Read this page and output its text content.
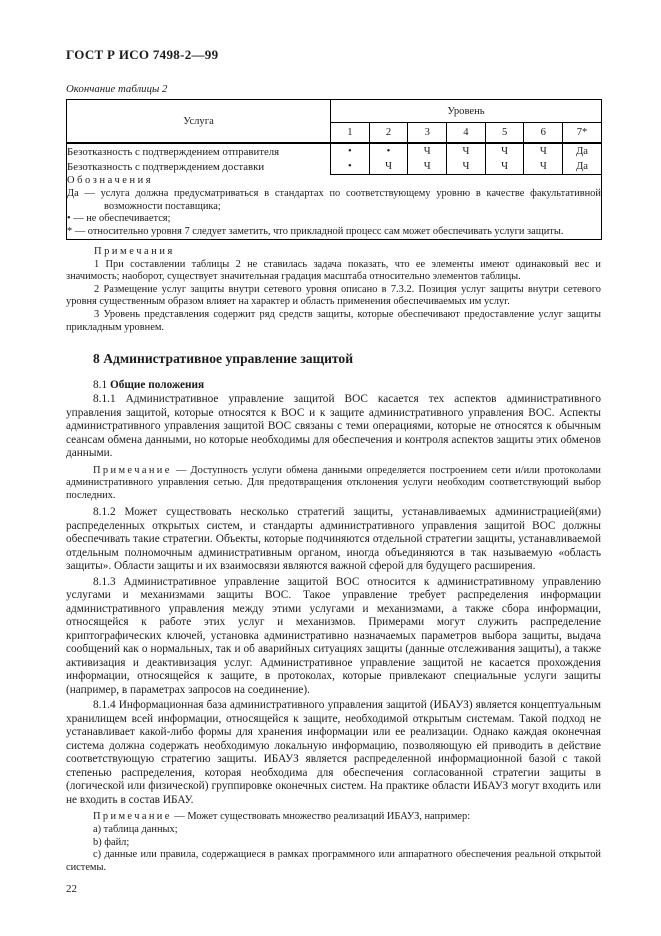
ГОСТ Р ИСО 7498-2—99
Окончание таблицы 2
Услуга	Уровень						
	1	2	3	4	5	6	7*
Безотказность с подтверждением отправителя	•	•	Ч	Ч	Ч	Ч	Да
Безотказность с подтверждением доставки	•	Ч	Ч	Ч	Ч	Ч	Да

Обозначения
Да — услуга должна предусматриваться в стандартах по соответствующему уровню в качестве факультативной возможности поставщика;
• — не обеспечивается;
* — относительно уровня 7 следует заметить, что прикладной процесс сам может обеспечивать услуги защиты.							
Примечания

1 При составлении таблицы 2 не ставилась задача показать, что ее элементы имеют одинаковый вес и значимость; наоборот, существует значительная градация масштаба относительно элементов таблицы.

2 Размещение услуг защиты внутри сетевого уровня описано в 7.3.2. Позиция услуг защиты внутри сетевого уровня существенным образом влияет на характер и область применения обеспечиваемых им услуг.

3 Уровень представления содержит ряд средств защиты, которые обеспечивают предоставление услуг защиты прикладным уровнем.

8 Административное управление защитой
8.1 Общие положения

8.1.1 Административное управление защитой ВОС касается тех аспектов административного управления защитой, которые относятся к ВОС и к защите административного управления ВОС. Аспекты административного управления защитой ВОС связаны с теми операциями, которые не относятся к обычным сеансам обмена данными, но которые необходимы для обеспечения и контроля аспектов защиты этих обменов данными.

Примечание — Доступность услуги обмена данными определяется построением сети и/или протоколами административного управления сетью. Для предотвращения отклонения услуги необходим соответствующий выбор последних.

8.1.2 Может существовать несколько стратегий защиты, устанавливаемых администрацией(ями) распределенных открытых систем, и стандарты административного управления защитой ВОС должны обеспечивать такие стратегии. Объекты, которые подчиняются отдельной стратегии защиты, устанавливаемой отдельным полномочным административным органом, иногда объединяются в так называемую «область защиты». Области защиты и их взаимосвязи являются важной сферой для будущего расширения.

8.1.3 Административное управление защитой ВОС относится к административному управлению услугами и механизмами защиты ВОС. Такое управление требует распределения информации административного управления между этими услугами и механизмами, а также сбора информации, относящейся к работе этих услуг и механизмов. Примерами могут служить распределение криптографических ключей, установка административно назначаемых параметров выбора защиты, выдача сообщений как о нормальных, так и об аварийных ситуациях защиты (данные отслеживания защиты), а также активизация и деактивизация услуг. Административное управление защитой не касается прохождения информации, относящейся к защите, в протоколах, которые привлекают специальные услуги защиты (например, в параметрах запросов на соединение).

8.1.4 Информационная база административного управления защитой (ИБАУЗ) является концептуальным хранилищем всей информации, относящейся к защите, необходимой открытым системам. Такой подход не устанавливает какой-либо формы для хранения информации или ее реализации. Однако каждая оконечная система должна содержать необходимую локальную информацию, позволяющую ей приводить в действие соответствующую стратегию защиты. ИБАУЗ является распределенной информационной базой с такой степенью распределения, которая необходима для обеспечения согласованной стратегии защиты в (логической или физической) группировке оконечных систем. На практике области ИБАУЗ могут входить или не входить в состав ИБАУ.

Примечание — Может существовать множество реализаций ИБАУЗ, например:

a) таблица данных;

b) файл;

c) данные или правила, содержащиеся в рамках программного или аппаратного обеспечения реальной открытой системы.

22
